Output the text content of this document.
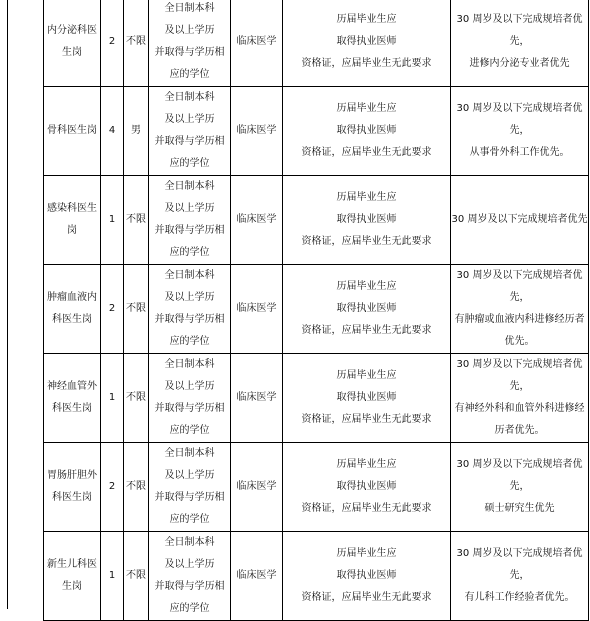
内分泌科医
生岗	2	不限	全日制本科
及以上学历
并取得与学历相
应的学位	临床医学	历届毕业生应
取得执业医师
资格证，应届毕业生无此要求	30 周岁及以下完成规培者优先，
进修内分泌专业者优先

骨科医生岗	4	男	全日制本科
及以上学历
并取得与学历相
应的学位	临床医学	历届毕业生应
取得执业医师
资格证，应届毕业生无此要求	30 周岁及以下完成规培者优先，
从事骨外科工作优先。

感染科医生
岗	1	不限	全日制本科
及以上学历
并取得与学历相
应的学位	临床医学	历届毕业生应
取得执业医师
资格证，应届毕业生无此要求	30 周岁及以下完成规培者优先

肿瘤血液内
科医生岗	2	不限	全日制本科
及以上学历
并取得与学历相
应的学位	临床医学	历届毕业生应
取得执业医师
资格证，应届毕业生无此要求	30 周岁及以下完成规培者优先，
有肿瘤或血液内科进修经历者
优先。

神经血管外
科医生岗	1	不限	全日制本科
及以上学历
并取得与学历相
应的学位	临床医学	历届毕业生应
取得执业医师
资格证，应届毕业生无此要求	30 周岁及以下完成规培者优先，
有神经外科和血管外科进修经
历者优先。

胃肠肝胆外
科医生岗	2	不限	全日制本科
及以上学历
并取得与学历相
应的学位	临床医学	历届毕业生应
取得执业医师
资格证，应届毕业生无此要求	30 周岁及以下完成规培者优先，
硕士研究生优先

新生儿科医
生岗	1	不限	全日制本科
及以上学历
并取得与学历相
应的学位	临床医学	历届毕业生应
取得执业医师
资格证，应届毕业生无此要求	30 周岁及以下完成规培者优先，
有儿科工作经验者优先。
